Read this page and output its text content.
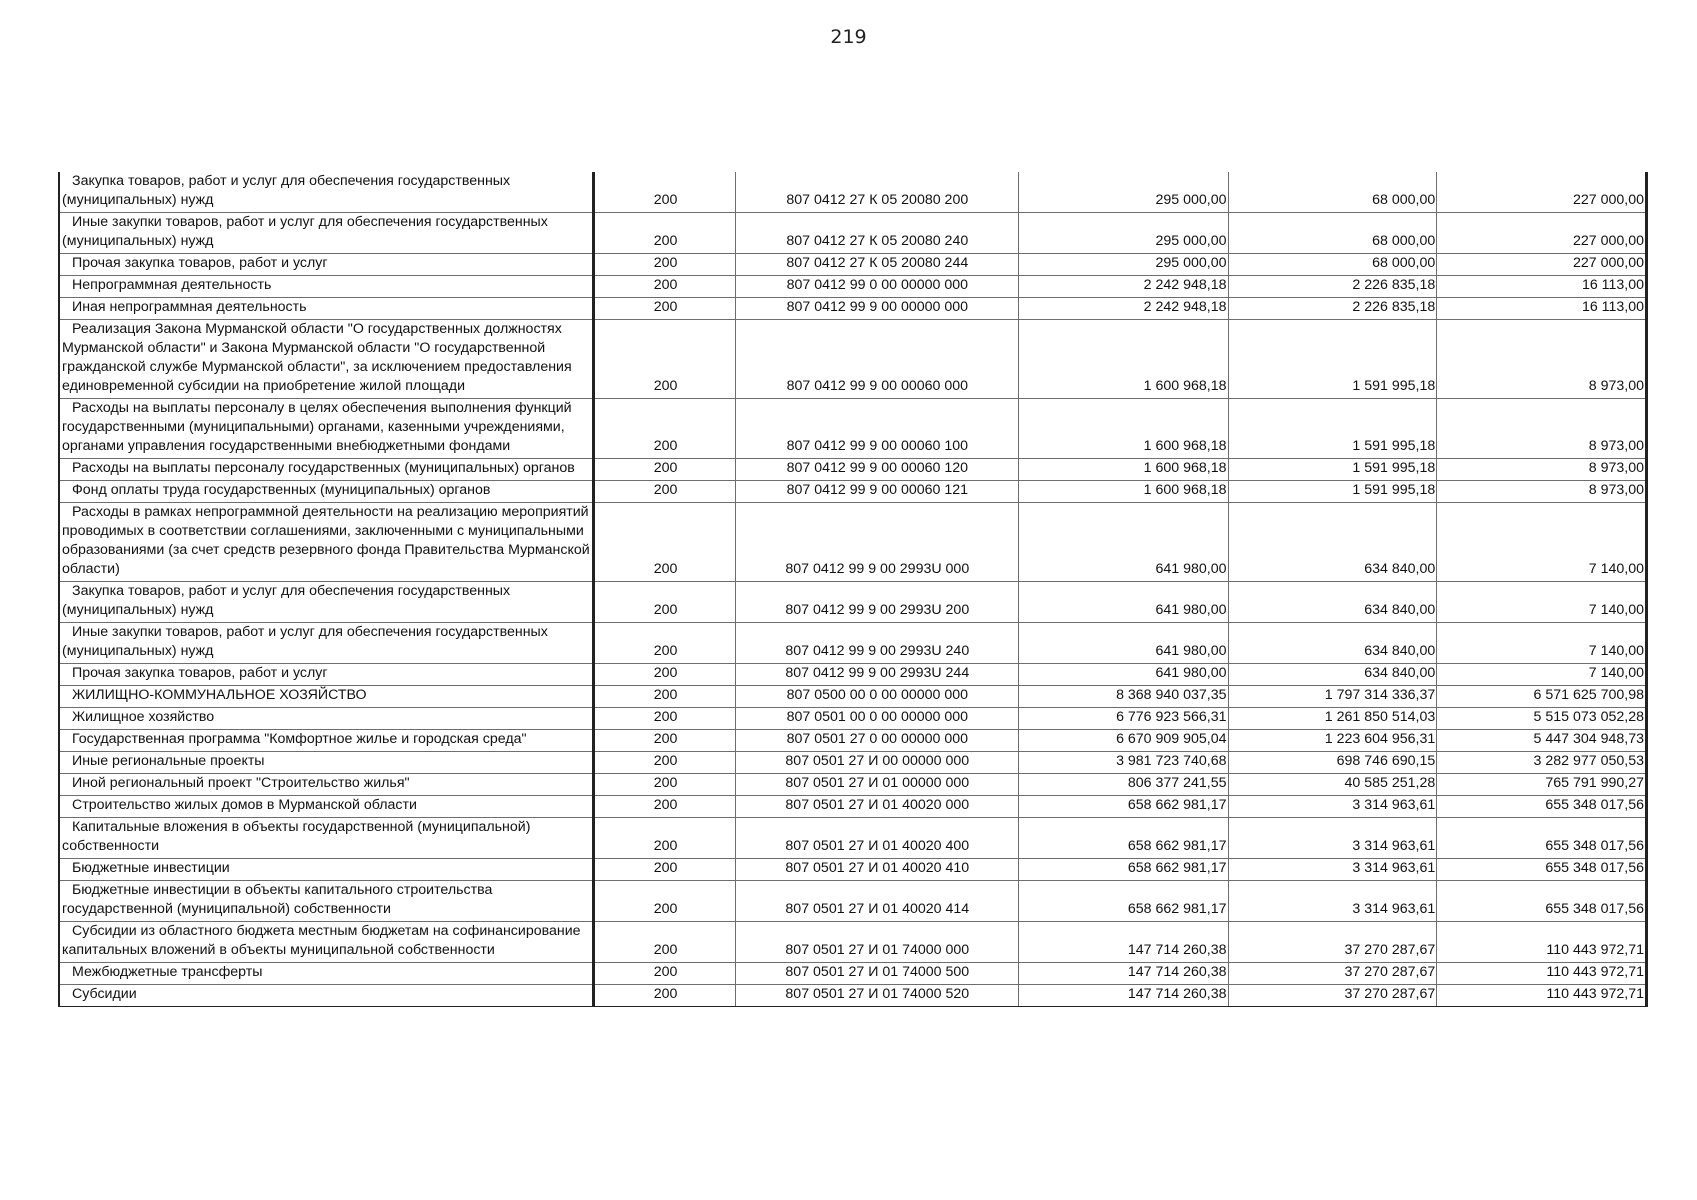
219
Закупка товаров, работ и услуг для обеспечения государственных (муниципальных) нужд	200	807 0412 27 К 05 20080 200	295 000,00	68 000,00	227 000,00
Иные закупки товаров, работ и услуг для обеспечения государственных (муниципальных) нужд	200	807 0412 27 К 05 20080 240	295 000,00	68 000,00	227 000,00
Прочая закупка товаров, работ и услуг	200	807 0412 27 К 05 20080 244	295 000,00	68 000,00	227 000,00
Непрограммная деятельность	200	807 0412 99 0 00 00000 000	2 242 948,18	2 226 835,18	16 113,00
Иная непрограммная деятельность	200	807 0412 99 9 00 00000 000	2 242 948,18	2 226 835,18	16 113,00
Реализация Закона Мурманской области "О государственных должностях Мурманской области" и Закона Мурманской области "О государственной гражданской службе Мурманской области", за исключением предоставления единовременной субсидии на приобретение жилой площади	200	807 0412 99 9 00 00060 000	1 600 968,18	1 591 995,18	8 973,00
Расходы на выплаты персоналу в целях обеспечения выполнения функций государственными (муниципальными) органами, казенными учреждениями, органами управления государственными внебюджетными фондами	200	807 0412 99 9 00 00060 100	1 600 968,18	1 591 995,18	8 973,00
Расходы на выплаты персоналу государственных (муниципальных) органов	200	807 0412 99 9 00 00060 120	1 600 968,18	1 591 995,18	8 973,00
Фонд оплаты труда государственных (муниципальных) органов	200	807 0412 99 9 00 00060 121	1 600 968,18	1 591 995,18	8 973,00
Расходы в рамках непрограммной деятельности на реализацию мероприятий проводимых в соответствии соглашениями, заключенными с муниципальными образованиями (за счет средств резервного фонда Правительства Мурманской области)	200	807 0412 99 9 00 2993U 000	641 980,00	634 840,00	7 140,00
Закупка товаров, работ и услуг для обеспечения государственных (муниципальных) нужд	200	807 0412 99 9 00 2993U 200	641 980,00	634 840,00	7 140,00
Иные закупки товаров, работ и услуг для обеспечения государственных (муниципальных) нужд	200	807 0412 99 9 00 2993U 240	641 980,00	634 840,00	7 140,00
Прочая закупка товаров, работ и услуг	200	807 0412 99 9 00 2993U 244	641 980,00	634 840,00	7 140,00
ЖИЛИЩНО-КОММУНАЛЬНОЕ ХОЗЯЙСТВО	200	807 0500 00 0 00 00000 000	8 368 940 037,35	1 797 314 336,37	6 571 625 700,98
Жилищное хозяйство	200	807 0501 00 0 00 00000 000	6 776 923 566,31	1 261 850 514,03	5 515 073 052,28
Государственная программа "Комфортное жилье и городская среда"	200	807 0501 27 0 00 00000 000	6 670 909 905,04	1 223 604 956,31	5 447 304 948,73
Иные региональные проекты	200	807 0501 27 И 00 00000 000	3 981 723 740,68	698 746 690,15	3 282 977 050,53
Иной региональный проект "Строительство жилья"	200	807 0501 27 И 01 00000 000	806 377 241,55	40 585 251,28	765 791 990,27
Строительство жилых домов в Мурманской области	200	807 0501 27 И 01 40020 000	658 662 981,17	3 314 963,61	655 348 017,56
Капитальные вложения в объекты государственной (муниципальной) собственности	200	807 0501 27 И 01 40020 400	658 662 981,17	3 314 963,61	655 348 017,56
Бюджетные инвестиции	200	807 0501 27 И 01 40020 410	658 662 981,17	3 314 963,61	655 348 017,56
Бюджетные инвестиции в объекты капитального строительства государственной (муниципальной) собственности	200	807 0501 27 И 01 40020 414	658 662 981,17	3 314 963,61	655 348 017,56
Субсидии из областного бюджета местным бюджетам на софинансирование капитальных вложений в объекты муниципальной собственности	200	807 0501 27 И 01 74000 000	147 714 260,38	37 270 287,67	110 443 972,71
Межбюджетные трансферты	200	807 0501 27 И 01 74000 500	147 714 260,38	37 270 287,67	110 443 972,71
Субсидии	200	807 0501 27 И 01 74000 520	147 714 260,38	37 270 287,67	110 443 972,71
